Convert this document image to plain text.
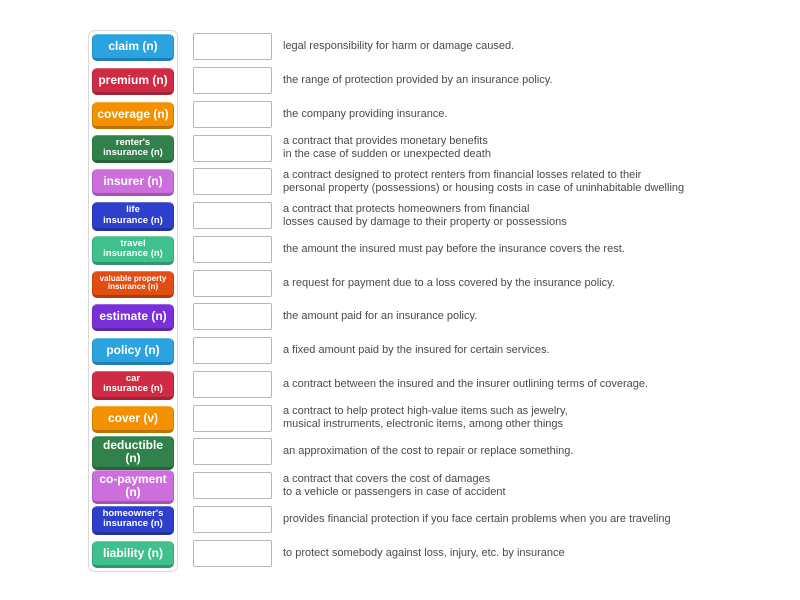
claim (n)
premium (n)
coverage (n)
renter's
insurance (n)
insurer (n)
life
insurance (n)
travel
insurance (n)
valuable property
insurance (n)
estimate (n)
policy (n)
car
insurance (n)
cover (v)
deductible (n)
co-payment (n)
homeowner's
insurance (n)
liability (n)
legal responsibility for harm or damage caused.
the range of protection provided by an insurance policy.
the company providing insurance.
a contract that provides monetary benefits
in the case of sudden or unexpected death
a contract designed to protect renters from financial losses related to their
personal property (possessions) or housing costs in case of uninhabitable dwelling
a contract that protects homeowners from financial
losses caused by damage to their property or possessions
the amount the insured must pay before the insurance covers the rest.
a request for payment due to a loss covered by the insurance policy.
the amount paid for an insurance policy.
a fixed amount paid by the insured for certain services.
a contract between the insured and the insurer outlining terms of coverage.
a contract to help protect high-value items such as jewelry,
musical instruments, electronic items, among other things
an approximation of the cost to repair or replace something.
a contract that covers the cost of damages
to a vehicle or passengers in case of accident
provides financial protection if you face certain problems when you are traveling
to protect somebody against loss, injury, etc. by insurance
